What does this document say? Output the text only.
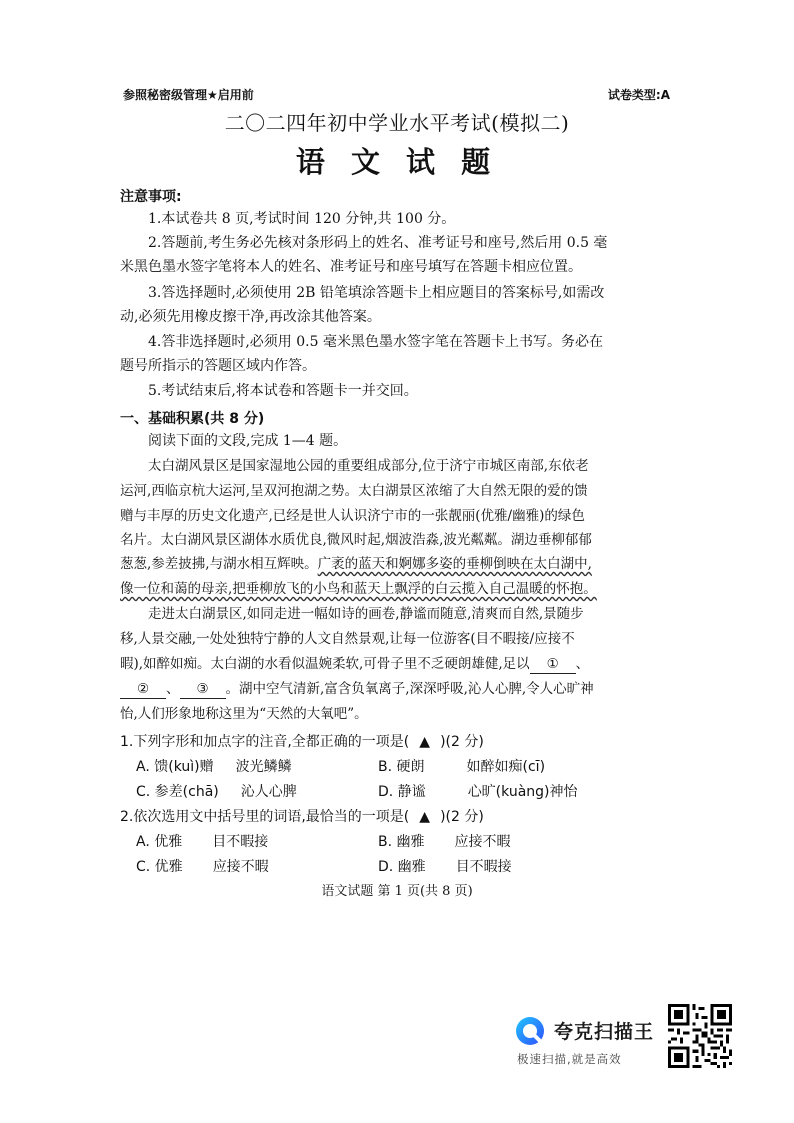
参照秘密级管理★启用前	试卷类型:A
二〇二四年初中学业水平考试(模拟二)
语 文 试 题
注意事项:
1.本试卷共 8 页,考试时间 120 分钟,共 100 分。
2.答题前,考生务必先核对条形码上的姓名、准考证号和座号,然后用 0.5 毫
米黑色墨水签字笔将本人的姓名、准考证号和座号填写在答题卡相应位置。
3.答选择题时,必须使用 2B 铅笔填涂答题卡上相应题目的答案标号,如需改
动,必须先用橡皮擦干净,再改涂其他答案。
4.答非选择题时,必须用 0.5 毫米黑色墨水签字笔在答题卡上书写。务必在
题号所指示的答题区域内作答。
5.考试结束后,将本试卷和答题卡一并交回。
一、基础积累(共 8 分)
阅读下面的文段,完成 1—4 题。
太白湖风景区是国家湿地公园的重要组成部分,位于济宁市城区南部,东依老
运河,西临京杭大运河,呈双河抱湖之势。太白湖景区浓缩了大自然无限的爱的馈
赠与丰厚的历史文化遗产,已经是世人认识济宁市的一张靓丽(优雅/幽雅)的绿色
名片。太白湖风景区湖体水质优良,微风时起,烟波浩淼,波光粼粼。湖边垂柳郁郁
葱葱,参差披拂,与湖水相互辉映。广袤的蓝天和婀娜多姿的垂柳倒映在太白湖中,
像一位和蔼的母亲,把垂柳放飞的小鸟和蓝天上飘浮的白云揽入自己温暖的怀抱。
走进太白湖景区,如同走进一幅如诗的画卷,静谧而随意,清爽而自然,景随步
移,人景交融,一处处独特宁静的人文自然景观,让每一位游客(目不暇接/应接不
暇),如醉如痴。太白湖的水看似温婉柔软,可骨子里不乏硬朗雄健,足以 ① 、
② 、 ③ 。湖中空气清新,富含负氧离子,深深呼吸,沁人心脾,令人心旷神
怡,人们形象地称这里为“天然的大氧吧”。
1.下列字形和加点字的注音,全都正确的一项是( ▲ )(2 分)
A. 馈(kuì)赠 波光鳞鳞	B. 硬朗	如醉如痴(cī)
C. 参差(chā) 沁人心脾	D. 静谧	心旷(kuàng)神怡
2.依次选用文中括号里的词语,最恰当的一项是( ▲ )(2 分)
A. 优雅 目不暇接	B. 幽雅 应接不暇
C. 优雅 应接不暇	D. 幽雅 目不暇接
语文试题 第 1 页(共 8 页)
夸克扫描王
极速扫描,就是高效
